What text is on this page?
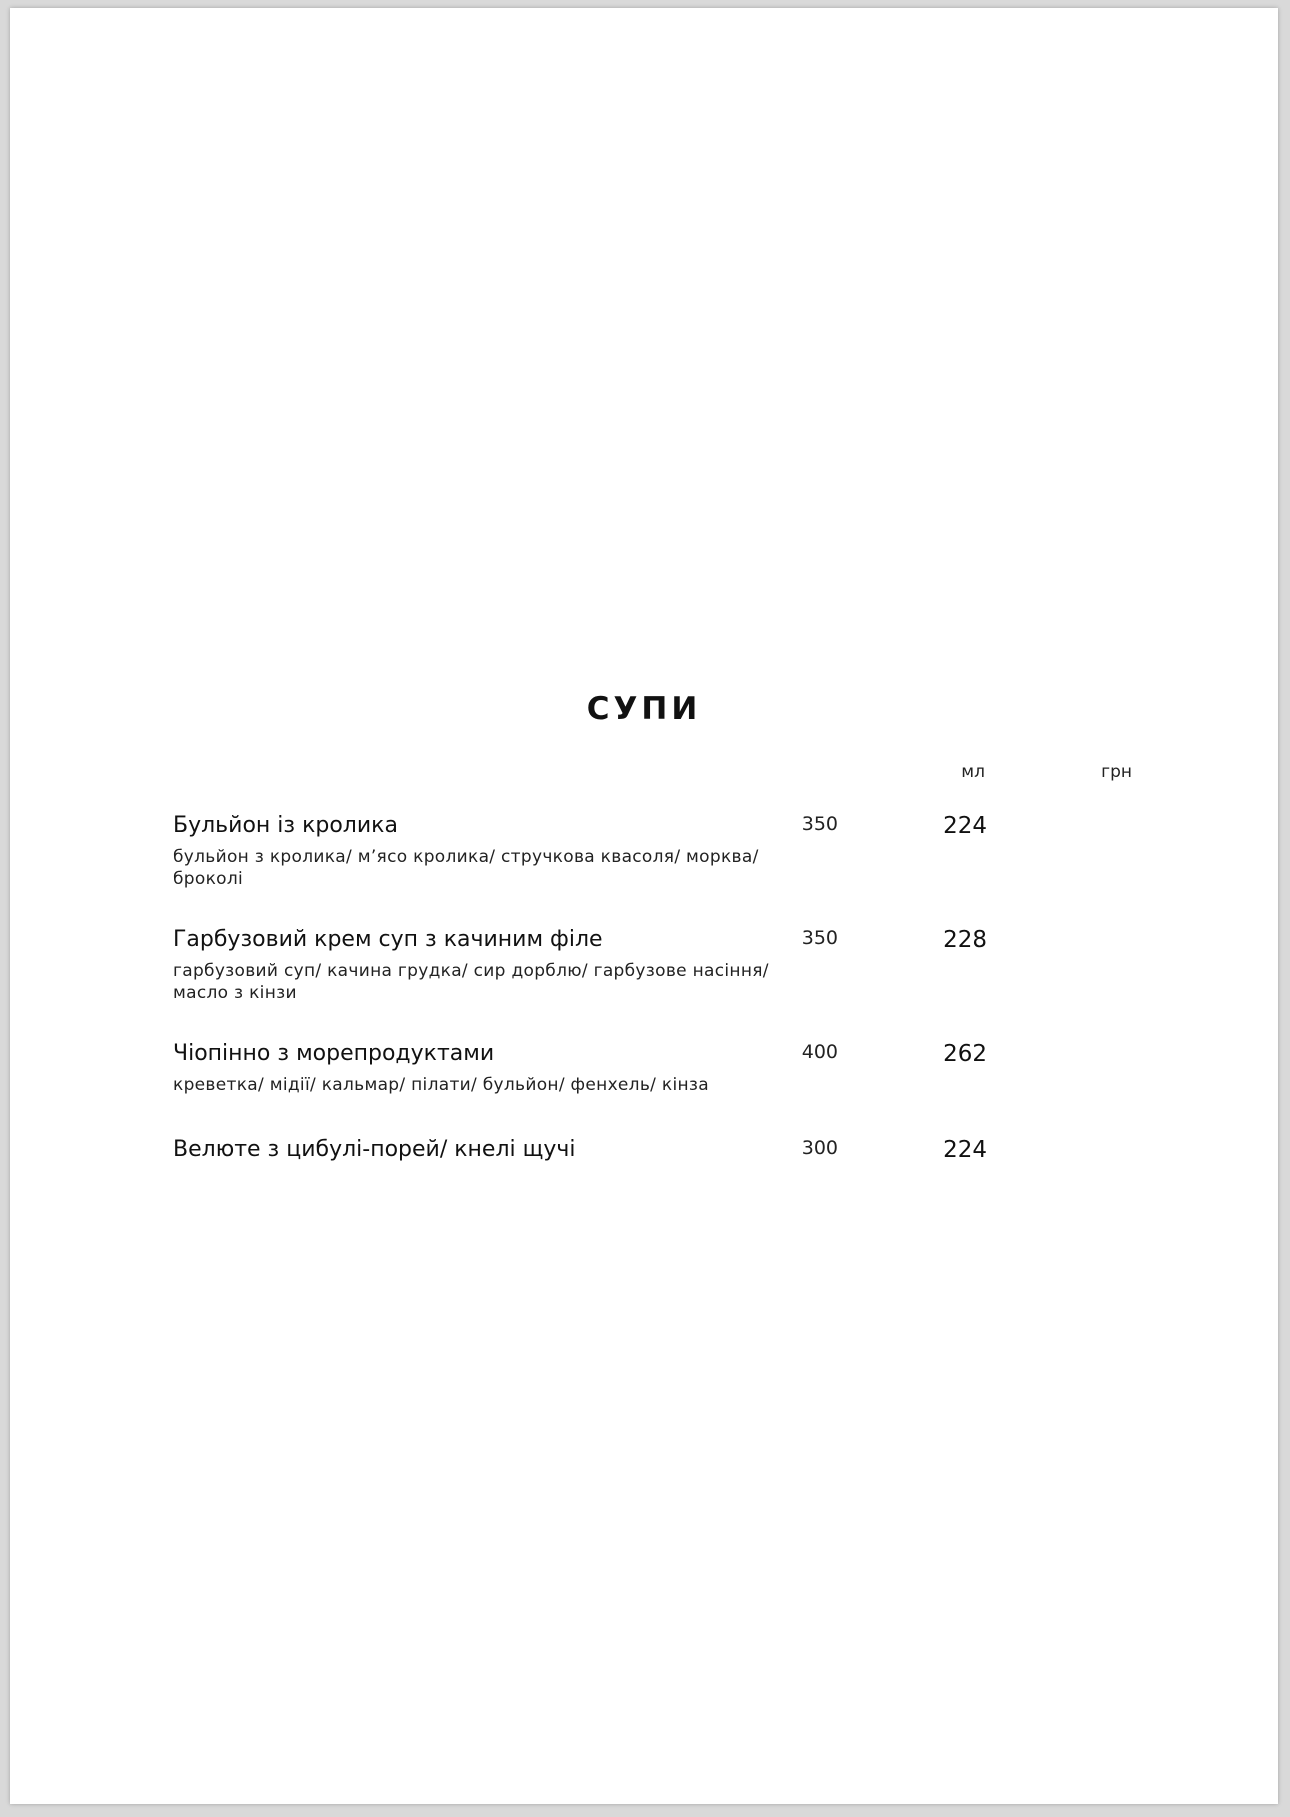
СУПИ
мл	грн
Бульйон із кролика
бульйон з кролика/ м’ясо кролика/ стручкова квасоля/ морква/ броколі
350	224
Гарбузовий крем суп з качиним філе
гарбузовий суп/ качина грудка/ сир дорблю/ гарбузове насіння/ масло з кінзи
350	228
Чіопінно з морепродуктами
креветка/ мідії/ кальмар/ пілати/ бульйон/ фенхель/ кінза
400	262
Велюте з цибулі-порей/ кнелі щучі	300	224
